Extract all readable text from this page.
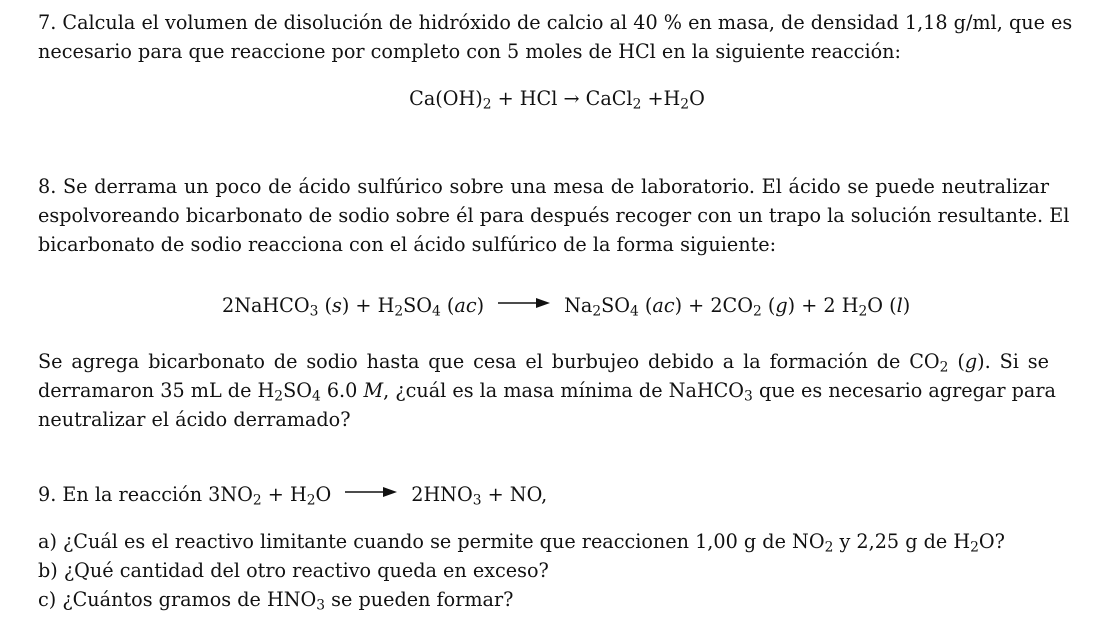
7. Calcula el volumen de disolución de hidróxido de calcio al 40 % en masa, de densidad 1,18 g/ml, que es
necesario para que reaccione por completo con 5 moles de HCl en la siguiente reacción:
$Ca(OH)_2$ + HCl → CaCl$_2$ $+H_2O$
8. Se derrama un poco de ácido sulfúrico sobre una mesa de laboratorio. El ácido se puede neutralizar
espolvoreando bicarbonato de sodio sobre él para después recoger con un trapo la solución resultante. El
bicarbonato de sodio reacciona con el ácido sulfúrico de la forma siguiente:
2NaHCO$_3$ $(s) + H_2SO_4$ $(ac) \to Na_2SO_4$ $(ac) + 2CO_2$ (g) + 2 $H_2O$ (l)
Se agrega bicarbonato de sodio hasta que cesa el burbujeo debido a la formación de $CO_2$ (g). Si se
derramaron 35 mL de $H_2SO_4$ 6.0 M, ¿cuál es la masa mínima de NaHCO$_3$ que es necesario agregar para
neutralizar el ácido derramado?
9. En la reacción $3NO_2 + H_2O \to 2HNO_3$ + NO,
a) ¿Cuál es el reactivo limitante cuando se permite que reaccionen 1,00 g de $NO_2$ y 2,25 g de $H_2O$?
b) ¿Qué cantidad del otro reactivo queda en exceso?
c) ¿Cuántos gramos de $HNO_3$ se pueden formar?
